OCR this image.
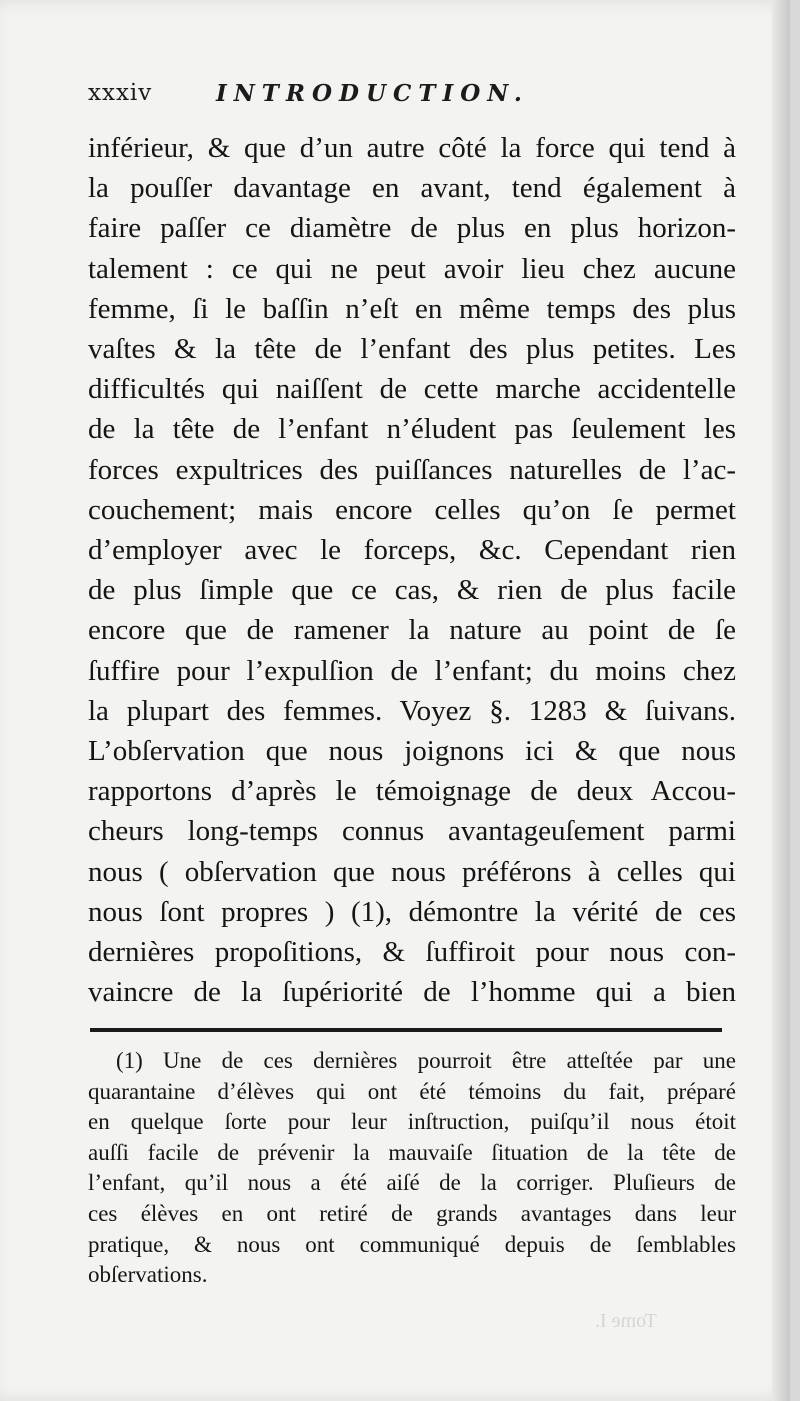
xxxiv	INTRODUCTION.
inférieur, & que d’un autre côté la force qui tend à
la pouſſer davantage en avant, tend également à
faire paſſer ce diamètre de plus en plus horizon-
talement : ce qui ne peut avoir lieu chez aucune
femme, ſi le baſſin n’eſt en même temps des plus
vaſtes & la tête de l’enfant des plus petites. Les
difficultés qui naiſſent de cette marche accidentelle
de la tête de l’enfant n’éludent pas ſeulement les
forces expultrices des puiſſances naturelles de l’ac-
couchement; mais encore celles qu’on ſe permet
d’employer avec le forceps, &c. Cependant rien
de plus ſimple que ce cas, & rien de plus facile
encore que de ramener la nature au point de ſe
ſuffire pour l’expulſion de l’enfant; du moins chez
la plupart des femmes. Voyez §. 1283 & ſuivans.
L’obſervation que nous joignons ici & que nous
rapportons d’après le témoignage de deux Accou-
cheurs long-temps connus avantageuſement parmi
nous ( obſervation que nous préférons à celles qui
nous ſont propres ) (1), démontre la vérité de ces
dernières propoſitions, & ſuffiroit pour nous con-
vaincre de la ſupériorité de l’homme qui a bien
(1) Une de ces dernières pourroit être atteſtée par une
quarantaine d’élèves qui ont été témoins du fait, préparé
en quelque ſorte pour leur inſtruction, puiſqu’il nous étoit
auſſi facile de prévenir la mauvaiſe ſituation de la tête de
l’enfant, qu’il nous a été aiſé de la corriger. Pluſieurs de
ces élèves en ont retiré de grands avantages dans leur
pratique, & nous ont communiqué depuis de ſemblables
obſervations.
Tome I.
